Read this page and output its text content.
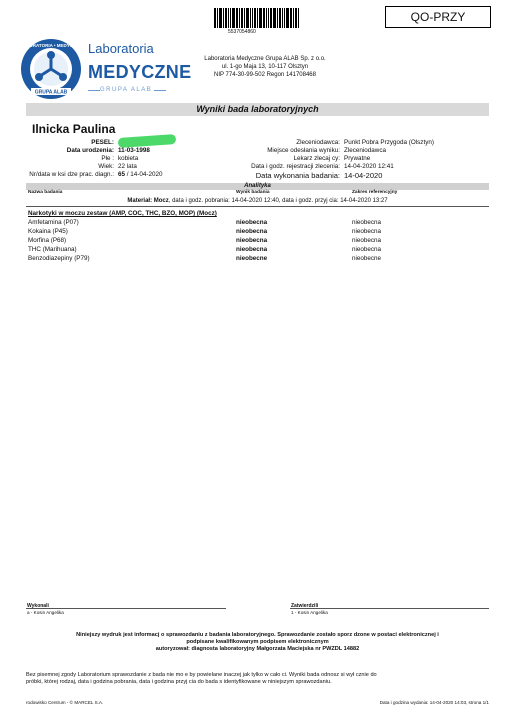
5537054860
QO-PRZY
LABORATORIA • MEDYCZNE
GRUPA ALAB
Laboratoria
MEDYCZNE
GRUPA ALAB
Laboratoria Medyczne Grupa ALAB Sp. z o.o.
ul. 1-go Maja 13, 10-117 Olsztyn
NIP 774-30-99-502 Regon 141708468
Wyniki bada laboratoryjnych
Ilnicka Paulina
PESEL:
Data urodzenia: 11-03-1998
Płe : kobieta
Wiek: 22 lata
Nr/data w ksi dze prac. diagn.: 65 / 14-04-2020
Zleceniodawca: Punkt Pobra Przygoda (Olsztyn)
Miejsce odesłania wyniku: Zleceniodawca
Lekarz zlecaj cy: Prywatne
Data i godz. rejestracji zlecenia: 14-04-2020 12:41
Data wykonania badania: 14-04-2020
Analityka
Nazwa badania	Wynik badania	Zakres referencyjny
Materiał: Mocz, data i godz. pobrania: 14-04-2020 12:40, data i godz. przyj cia: 14-04-2020 13:27
Narkotyki w moczu zestaw (AMP, COC, THC, BZO, MOP) (Mocz)
Amfetamina (P07)	nieobecna	nieobecna
Kokaina (P45)	nieobecna	nieobecna
Morfina (P68)	nieobecna	nieobecna
THC (Marihuana)	nieobecna	nieobecna
Benzodiazepiny (P79)	nieobecne	nieobecne
Wykonali
a - Kosin Angelika
Zatwierdzili
1 - Kosin Angelika
Niniejszy wydruk jest informacj o sprawozdaniu z badania laboratoryjnego. Sprawozdanie zostało sporz dzone w postaci elektronicznej i
podpisane kwalifikowanym podpisem elektronicznym
autoryzował: diagnosta laboratoryjny Małgorzata Maciejska nr PWZDL 14882
Bez pisemnej zgody Laboratorium sprawozdanie z bada nie mo e by powielane inaczej jak tylko w cało ci. Wyniki bada odnosz si wył cznie do
próbki, której rodzaj, data i godzina pobrania, data i godzina przyj cia do bada s identyfikowane w niniejszym sprawozdaniu.
rodowisko Centrum - © MARCEL S.A.	Data i godzina wydania: 14-04-2020 14:03, strona 1/1
